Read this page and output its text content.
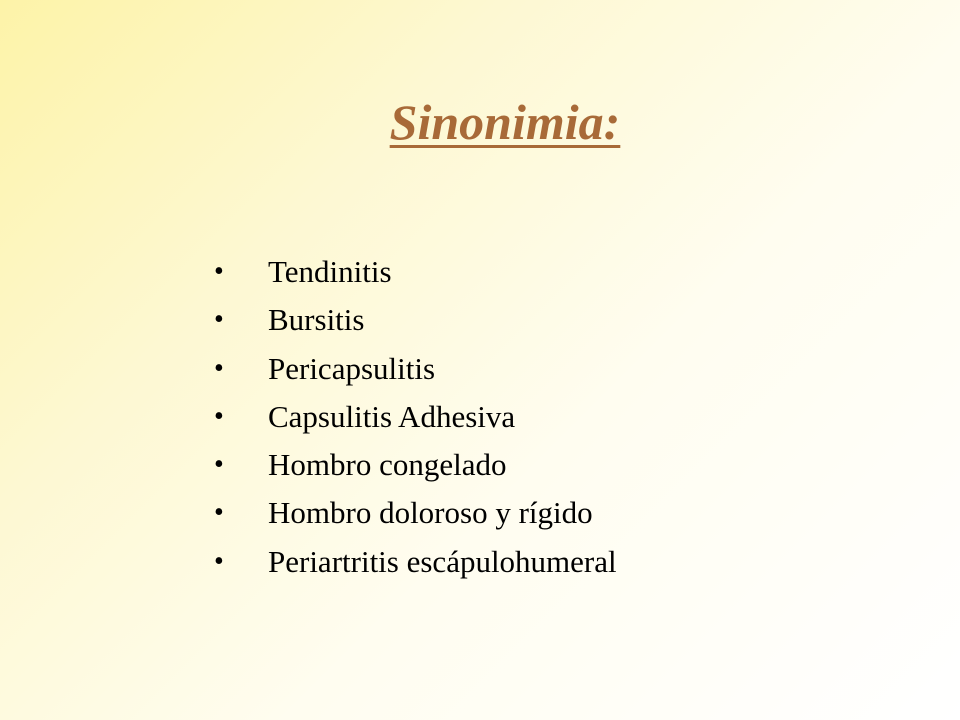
Sinonimia:
•	Tendinitis
•	Bursitis
•	Pericapsulitis
•	Capsulitis Adhesiva
•	Hombro congelado
•	Hombro doloroso y rígido
•	Periartritis escápulohumeral
